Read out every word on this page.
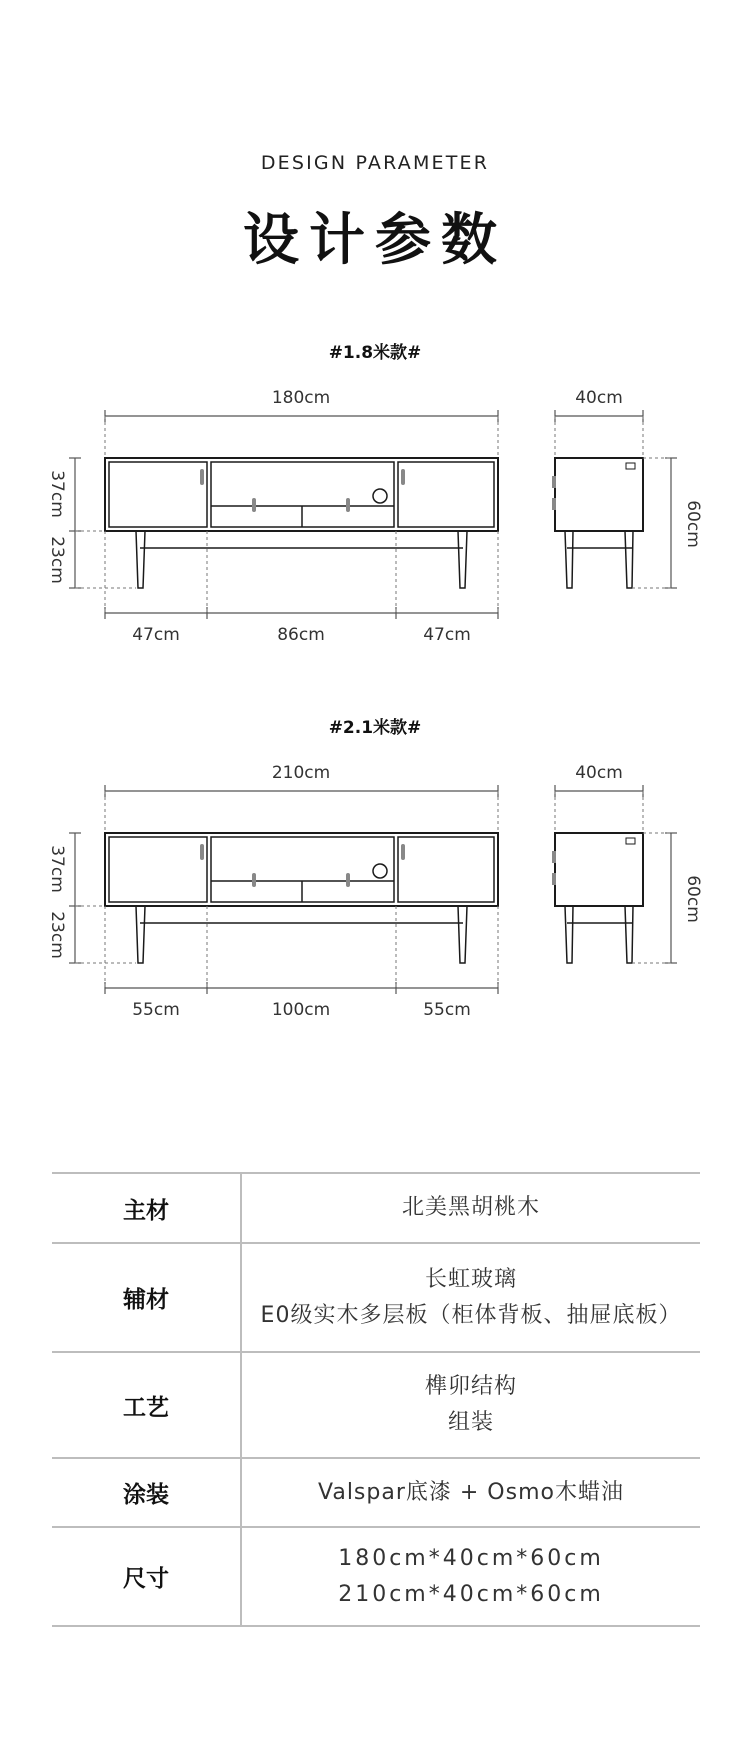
DESIGN PARAMETER
设计参数
#1.8米款#
180cm
37cm
23cm
47cm	86cm	47cm
40cm
60cm
#2.1米款#
210cm
37cm
23cm
55cm	100cm	55cm
40cm
60cm
主材	北美黑胡桃木

辅材	长虹玻璃
E0级实木多层板（柜体背板、抽屉底板）

工艺	榫卯结构
组装

涂装	Valspar底漆 + Osmo木蜡油

尺寸	180cm*40cm*60cm
210cm*40cm*60cm
